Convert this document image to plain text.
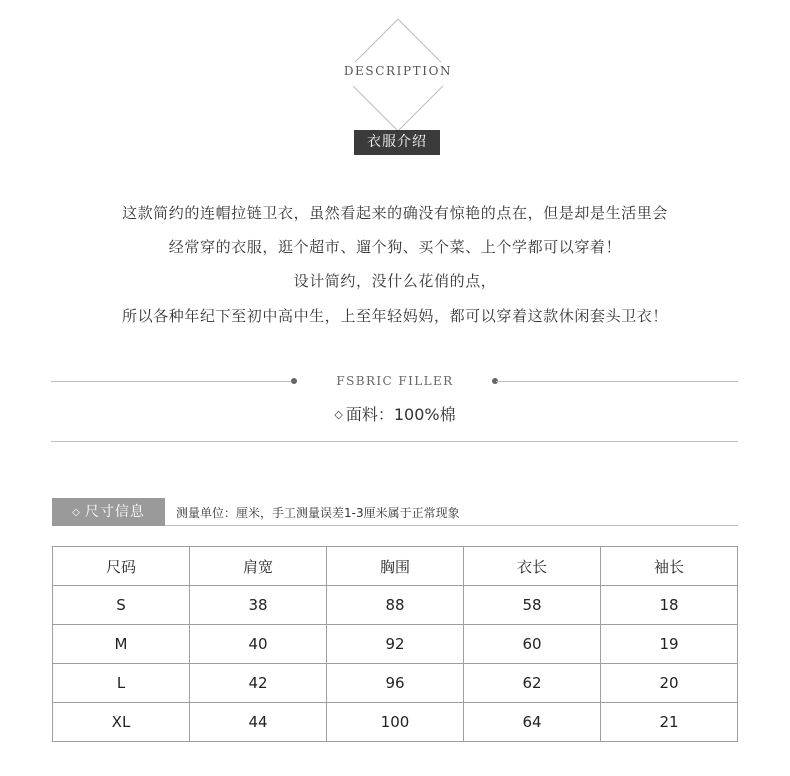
DESCRIPTION
衣服介绍
这款简约的连帽拉链卫衣，虽然看起来的确没有惊艳的点在，但是却是生活里会
经常穿的衣服，逛个超市、遛个狗、买个菜、上个学都可以穿着！
设计简约，没什么花俏的点，
所以各种年纪下至初中高中生，上至年轻妈妈，都可以穿着这款休闲套头卫衣！
FSBRIC FILLER
◇ 面料：100%棉
◇ 尺寸信息	测量单位：厘米，手工测量误差1-3厘米属于正常现象
尺码	肩宽	胸围	衣长	袖长
S	38	88	58	18
M	40	92	60	19
L	42	96	62	20
XL	44	100	64	21
